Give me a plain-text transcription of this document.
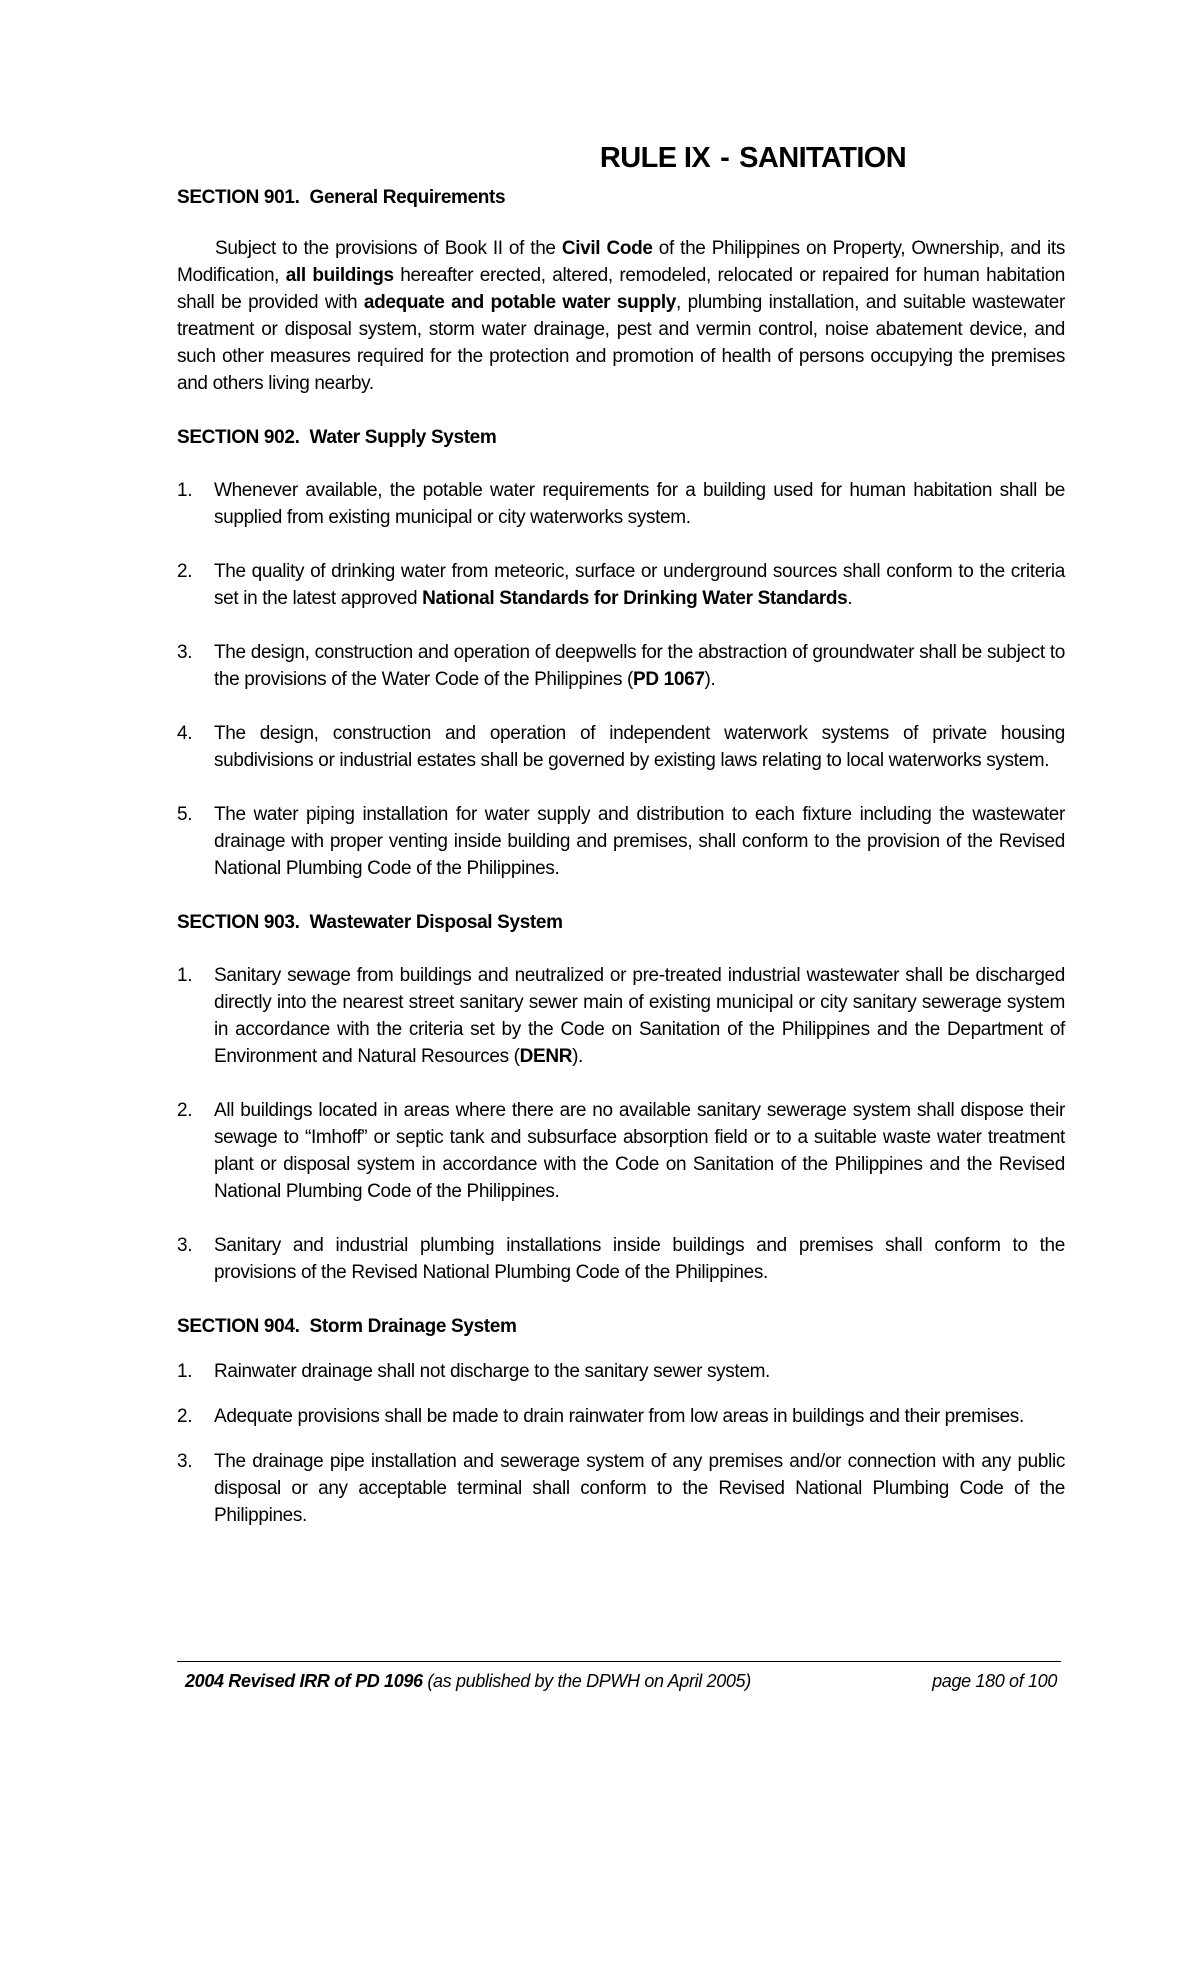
RULE IX - SANITATION

SECTION 901. General Requirements

Subject to the provisions of Book II of the Civil Code of the Philippines on Property, Ownership, and its Modification, all buildings hereafter erected, altered, remodeled, relocated or repaired for human habitation shall be provided with adequate and potable water supply, plumbing installation, and suitable wastewater treatment or disposal system, storm water drainage, pest and vermin control, noise abatement device, and such other measures required for the protection and promotion of health of persons occupying the premises and others living nearby.

SECTION 902. Water Supply System

1. Whenever available, the potable water requirements for a building used for human habitation shall be supplied from existing municipal or city waterworks system.
2. The quality of drinking water from meteoric, surface or underground sources shall conform to the criteria set in the latest approved National Standards for Drinking Water Standards.
3. The design, construction and operation of deepwells for the abstraction of groundwater shall be subject to the provisions of the Water Code of the Philippines (PD 1067).
4. The design, construction and operation of independent waterwork systems of private housing subdivisions or industrial estates shall be governed by existing laws relating to local waterworks system.
5. The water piping installation for water supply and distribution to each fixture including the wastewater drainage with proper venting inside building and premises, shall conform to the provision of the Revised National Plumbing Code of the Philippines.

SECTION 903. Wastewater Disposal System

1. Sanitary sewage from buildings and neutralized or pre-treated industrial wastewater shall be discharged directly into the nearest street sanitary sewer main of existing municipal or city sanitary sewerage system in accordance with the criteria set by the Code on Sanitation of the Philippines and the Department of Environment and Natural Resources (DENR).
2. All buildings located in areas where there are no available sanitary sewerage system shall dispose their sewage to “Imhoff” or septic tank and subsurface absorption field or to a suitable waste water treatment plant or disposal system in accordance with the Code on Sanitation of the Philippines and the Revised National Plumbing Code of the Philippines.
3. Sanitary and industrial plumbing installations inside buildings and premises shall conform to the provisions of the Revised National Plumbing Code of the Philippines.

SECTION 904. Storm Drainage System

1. Rainwater drainage shall not discharge to the sanitary sewer system.
2. Adequate provisions shall be made to drain rainwater from low areas in buildings and their premises.
3. The drainage pipe installation and sewerage system of any premises and/or connection with any public disposal or any acceptable terminal shall conform to the Revised National Plumbing Code of the Philippines.
2004 Revised IRR of PD 1096 (as published by the DPWH on April 2005)	page 180 of 100
